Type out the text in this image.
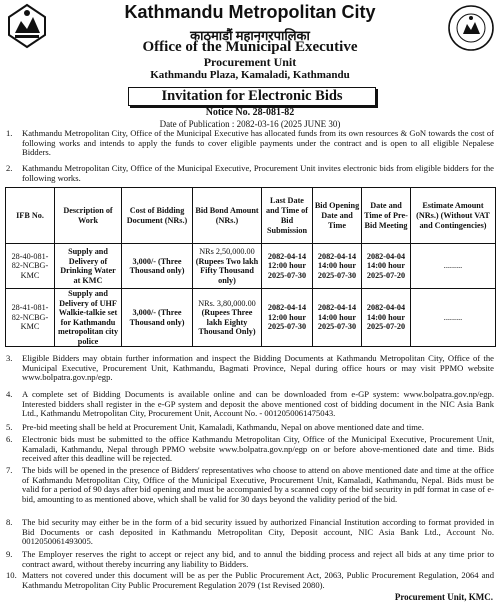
Kathmandu Metropolitan City
काठमाडौं महानगरपालिका
Office of the Municipal Executive
Procurement Unit
Kathmandu Plaza, Kamaladi, Kathmandu
Invitation for Electronic Bids
Notice No. 28-081-82
Date of Publication : 2082-03-16 (2025 JUNE 30)
1. Kathmandu Metropolitan City, Office of the Municipal Executive has allocated funds from its own resources & GoN towards the cost of following works and intends to apply the funds to cover eligible payments under the contract and is open to all eligible Nepalese Bidders.
2. Kathmandu Metropolitan City, Office of the Municipal Executive, Procurement Unit invites electronic bids from eligible bidders for the following works.
IFB No.	Description of Work	Cost of Bidding Document (NRs.)	Bid Bond Amount (NRs.)	Last Date and Time of Bid Submission	Bid Opening Date and Time	Date and Time of Pre-Bid Meeting	Estimate Amount (NRs.) (Without VAT and Contingencies)
28-40-081-82-NCBG-KMC	Supply and Delivery of Drinking Water at KMC	3,000/- (Three Thousand only)	NRs 2,50,000.00
(Rupees Two lakh Fifty Thousand only)	2082-04-14 12:00 hour 2025-07-30	2082-04-14 14:00 hour 2025-07-30	2082-04-04 14:00 hour 2025-07-20	.........
28-41-081-82-NCBG-KMC	Supply and Delivery of UHF Walkie-talkie set for Kathmandu metropolitan city police	3,000/- (Three Thousand only)	NRs. 3,80,000.00
(Rupees Three lakh Eighty Thousand Only)	2082-04-14 12:00 hour 2025-07-30	2082-04-14 14:00 hour 2025-07-30	2082-04-04 14:00 hour 2025-07-20	.........
3. Eligible Bidders may obtain further information and inspect the Bidding Documents at Kathmandu Metropolitan City, Office of the Municipal Executive, Procurement Unit, Kathmandu, Bagmati Province, Nepal during office hours or may visit PPMO website www.bolpatra.gov.np/egp.
4. A complete set of Bidding Documents is available online and can be downloaded from e-GP system: www.bolpatra.gov.np/egp. Interested bidders shall register in the e-GP system and deposit the above mentioned cost of bidding document in the NIC Asia Bank Ltd., Kathmandu Metropolitan City, Procurement Unit, Account No. - 0012050061475043.
5. Pre-bid meeting shall be held at Procurement Unit, Kamaladi, Kathmandu, Nepal on above mentioned date and time.
6. Electronic bids must be submitted to the office Kathmandu Metropolitan City, Office of the Municipal Executive, Procurement Unit, Kamaladi, Kathmandu, Nepal through PPMO website www.bolpatra.gov.np/egp on or before above-mentioned date and time. Bids received after this deadline will be rejected.
7. The bids will be opened in the presence of Bidders' representatives who choose to attend on above mentioned date and time at the office of Kathmandu Metropolitan City, Office of the Municipal Executive, Procurement Unit, Kamaladi, Kathmandu, Nepal. Bids must be valid for a period of 90 days after bid opening and must be accompanied by a scanned copy of the bid security in pdf format in case of e-bid, amounting to as mentioned above, which shall be valid for 30 days beyond the validity period of the bid.
8. The bid security may either be in the form of a bid security issued by authorized Financial Institution according to format provided in Bid Documents or cash deposited in Kathmandu Metropolitan City, Deposit account, NIC Asia Bank Ltd., Account No. 0012050061493005.
9. The Employer reserves the right to accept or reject any bid, and to annul the bidding process and reject all bids at any time prior to contract award, without thereby incurring any liability to Bidders.
10. Matters not covered under this document will be as per the Public Procurement Act, 2063, Public Procurement Regulation, 2064 and Kathmandu Metropolitan City Public Procurement Regulation 2079 (1st Revised 2080).
Procurement Unit, KMC.
